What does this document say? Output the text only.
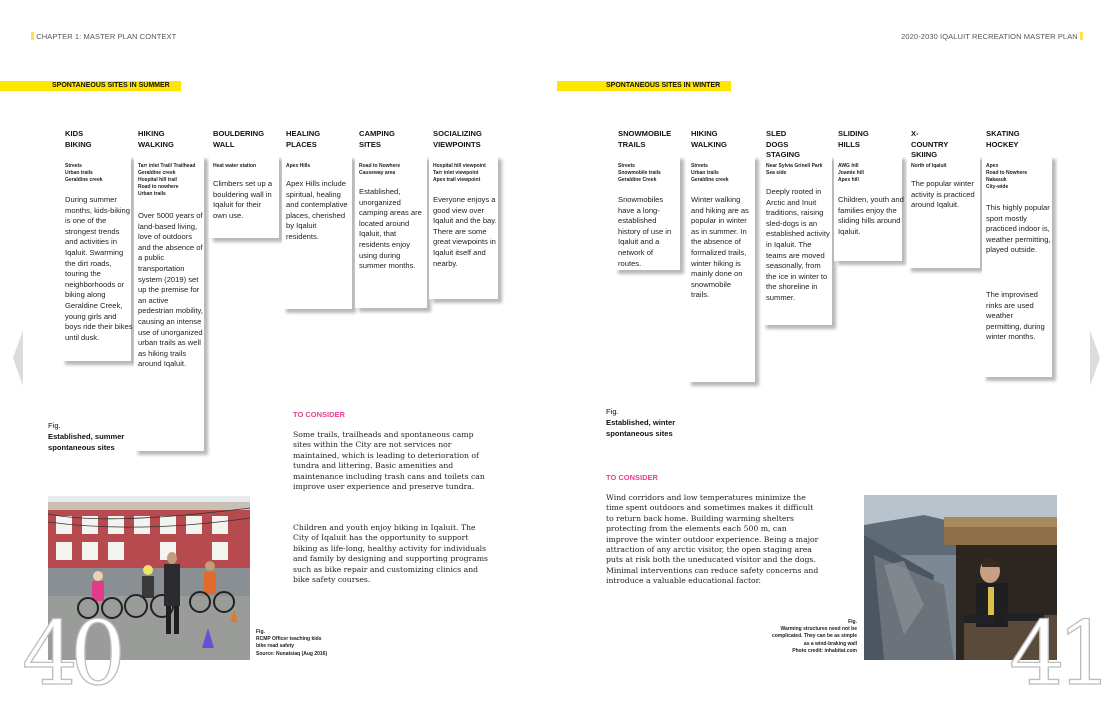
CHAPTER 1: MASTER PLAN CONTEXT
SPONTANEOUS SITES IN SUMMER
KIDS
BIKING
Streets
Urban trails
Geraldine creek
During summer months, kids-biking is one of the strongest trends and activities in Iqaluit. Swarming the dirt roads, touring the neighborhoods or biking along Geraldine Creek, young girls and boys ride their bikes until dusk.
HIKING
WALKING
Tarr inlet Trail/ Trailhead
Geraldine creek
Hospital hill trail
Road to nowhere
Urban trails
Over 5000 years of land-based living, love of outdoors and the absence of a public transportation system (2019) set up the premise for an active pedestrian mobility, causing an intense use of unorganized urban trails as well as hiking trails around Iqaluit.
BOULDERING
WALL
Heat water station
Climbers set up a bouldering wall in Iqaluit for their own use.
HEALING
PLACES
Apex Hills
Apex Hills include spiritual, healing and contemplative places, cherished by Iqaluit residents.
CAMPING
SITES
Road to Nowhere
Causeway area
Established, unorganized camping areas are located around Iqaluit, that residents enjoy using during summer months.
SOCIALIZING
VIEWPOINTS
Hospital hill viewpoint
Tarr inlet viewpoint
Apex trail viewpoint
Everyone enjoys a good view over Iqaluit and the bay. There are some great viewpoints in Iqaluit itself and nearby.
Fig.
Established, summer
spontaneous sites
TO CONSIDER
Some trails, trailheads and spontaneous camp sites within the City are not services nor maintained, which is leading to deterioration of tundra and littering. Basic amenities and maintenance including trash cans and toilets can improve user experience and preserve tundra.
Children and youth enjoy biking in Iqaluit. The City of Iqaluit has the opportunity to support biking as life-long, healthy activity for individuals and family by designing and supporting programs such as bike repair and customizing clinics and bike safety courses.
Fig.
RCMP Officer teaching kids
bike road safety
Source: Nunatsiaq (Aug 2016)
40
2020-2030 IQALUIT RECREATION MASTER PLAN
SPONTANEOUS SITES IN WINTER
SNOWMOBILE
TRAILS
Streets
Snowmobile trails
Geraldine Creek
Snowmobiles have a long-established history of use in Iqaluit and a network of routes.
HIKING
WALKING
Streets
Urban trails
Geraldine creek
Winter walking and hiking are as popular in winter as in summer. In the absence of formalized trails, winter hiking is mainly done on snowmobile trails.
SLED DOGS
STAGING
Near Sylvia Grinell Park
Sea side
Deeply rooted in Arctic and Inuit traditions, raising sled-dogs is an established activity in Iqaluit. The teams are moved seasonally, from the ice in winter to the shoreline in summer.
SLIDING
HILLS
AWG hill
Joamie hill
Apex hill
Children, youth and families enjoy the sliding hills around Iqaluit.
X-COUNTRY
SKIING
North of Iqaluit
The popular winter activity is practiced around Iqaluit.
SKATING
HOCKEY
Apex
Road to Nowhere
Nakasuk
City-wide
This highly popular sport mostly practiced indoor is, weather permitting, played outside.
The improvised rinks are used weather permitting, during winter months.
Fig.
Established, winter
spontaneous sites
TO CONSIDER
Wind corridors and low temperatures minimize the time spent outdoors and sometimes makes it difficult to return back home. Building warming shelters protecting from the elements each 500 m, can improve the winter outdoor experience. Being a major attraction of any arctic visitor, the open staging area puts at risk both the uneducated visitor and the dogs. Minimal interventions can reduce safety concerns and introduce a valuable educational factor.
Fig.
Warming structures need not be
complicated. They can be as simple
as a wind-braking wall
Photo credit: inhabitat.com 41
